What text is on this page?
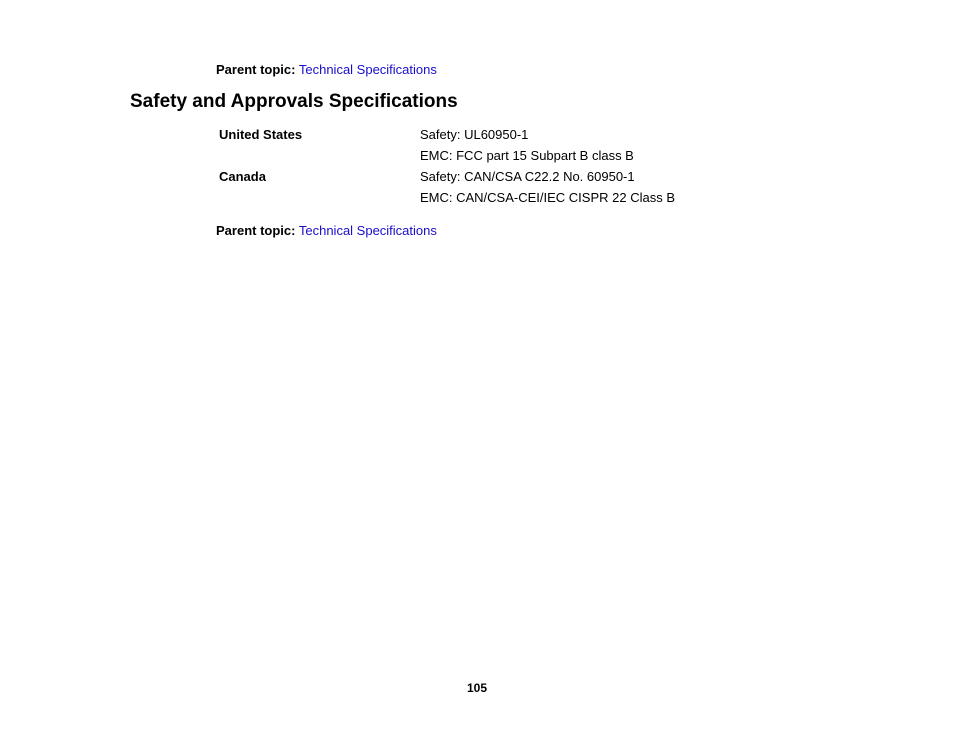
Parent topic: Technical Specifications
Safety and Approvals Specifications
United States	Safety: UL60950-1
	EMC: FCC part 15 Subpart B class B
Canada	Safety: CAN/CSA C22.2 No. 60950-1
	EMC: CAN/CSA-CEI/IEC CISPR 22 Class B
Parent topic: Technical Specifications
105
